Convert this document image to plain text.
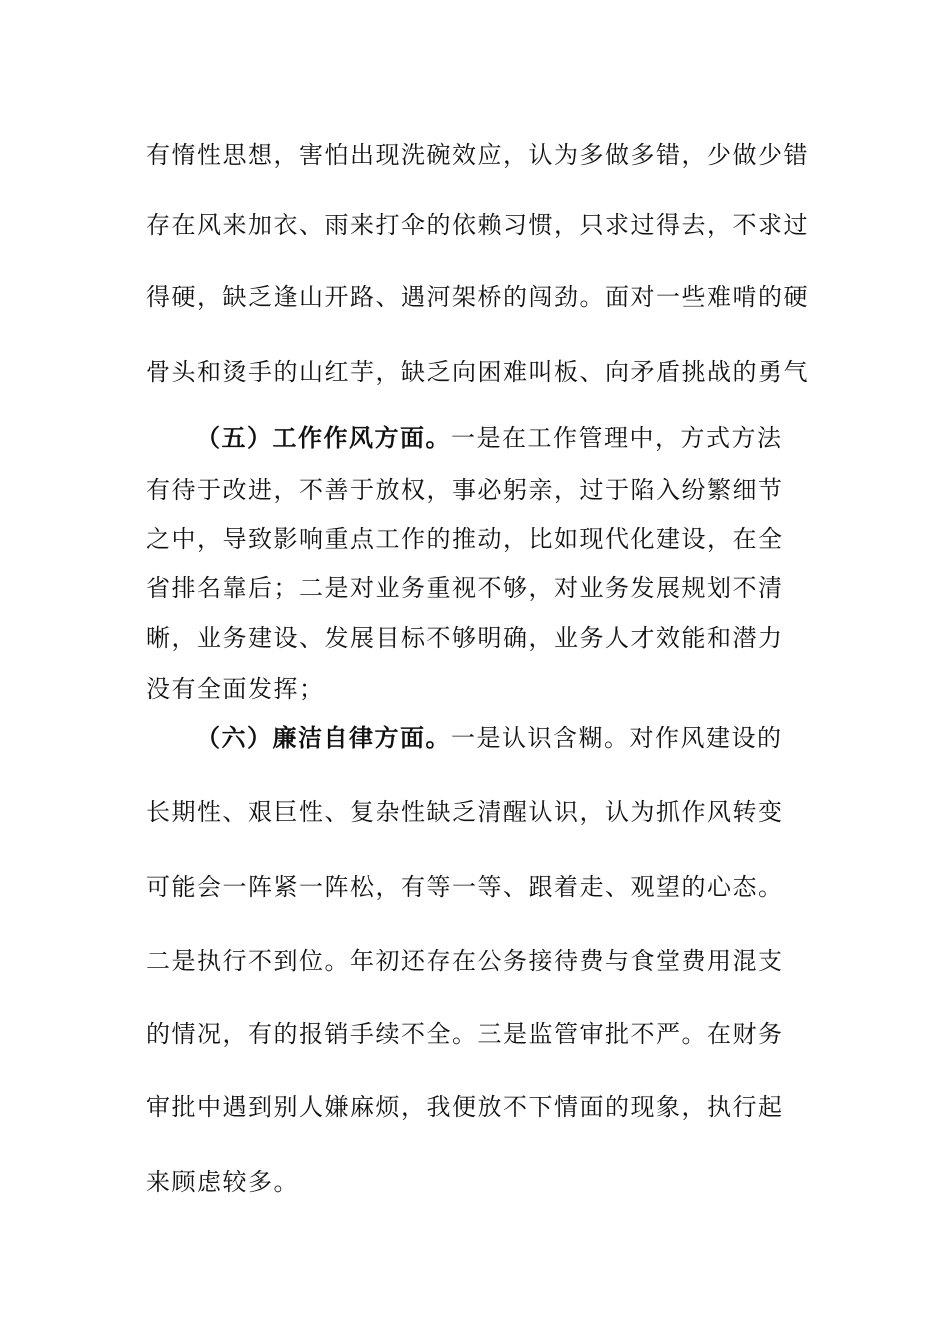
有惰性思想，害怕出现洗碗效应，认为多做多错，少做少错
存在风来加衣、雨来打伞的依赖习惯，只求过得去，不求过
得硬，缺乏逢山开路、遇河架桥的闯劲。面对一些难啃的硬
骨头和烫手的山红芋，缺乏向困难叫板、向矛盾挑战的勇气
（五）工作作风方面。一是在工作管理中，方式方法
有待于改进，不善于放权，事必躬亲，过于陷入纷繁细节
之中，导致影响重点工作的推动，比如现代化建设，在全
省排名靠后；二是对业务重视不够，对业务发展规划不清
晰，业务建设、发展目标不够明确，业务人才效能和潜力
没有全面发挥；
（六）廉洁自律方面。一是认识含糊。对作风建设的
长期性、艰巨性、复杂性缺乏清醒认识，认为抓作风转变
可能会一阵紧一阵松，有等一等、跟着走、观望的心态。
二是执行不到位。年初还存在公务接待费与食堂费用混支
的情况，有的报销手续不全。三是监管审批不严。在财务
审批中遇到别人嫌麻烦，我便放不下情面的现象，执行起
来顾虑较多。
